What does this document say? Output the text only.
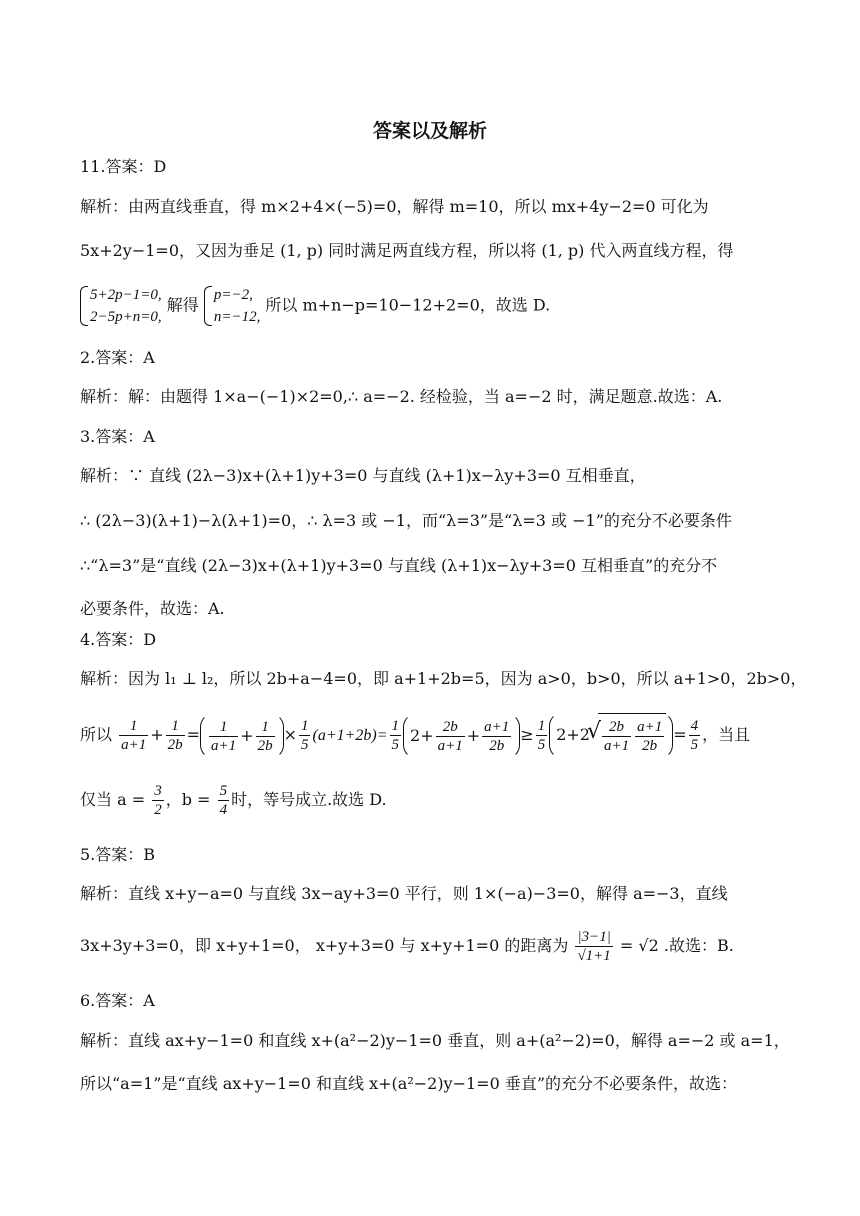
答案以及解析
11.答案：D
解析：由两直线垂直，得 m×2+4×(−5)=0，解得 m=10，所以 mx+4y−2=0 可化为
5x+2y−1=0，又因为垂足 (1, p) 同时满足两直线方程，所以将 (1, p) 代入两直线方程，得
5+2p−1=0,
2−5p+n=0,
解得
p=−2,
n=−12,
所以 m+n−p=10−12+2=0，故选 D.
2.答案：A
解析：解：由题得 1×a−(−1)×2=0,∴ a=−2. 经检验，当 a=−2 时，满足题意.故选：A.
3.答案：A
解析：∵ 直线 (2λ−3)x+(λ+1)y+3=0 与直线 (λ+1)x−λy+3=0 互相垂直，
∴ (2λ−3)(λ+1)−λ(λ+1)=0，∴ λ=3 或 −1，而“λ=3”是“λ=3 或 −1”的充分不必要条件
∴“λ=3”是“直线 (2λ−3)x+(λ+1)y+3=0 与直线 (λ+1)x−λy+3=0 互相垂直”的充分不
必要条件，故选：A.
4.答案：D
解析：因为 l₁ ⊥ l₂，所以 2b+a−4=0，即 a+1+2b=5，因为 a>0，b>0，所以 a+1>0，2b>0，
所以 $\frac{1}{a+1} + \frac{1}{2b} = \frac{1}{a+1} + \frac{1}{2b} \times \frac{1}{5} (a+1+2b)= \frac{1}{5} 2+ \frac{2b}{a+1} + \frac{a+1}{2b} \ge \frac{1}{5} 2+2$
√ $\frac{2b}{a+1} \frac{a+1}{2b} = \frac{4}{5}$ ，当且
仅当 $a = \frac{3}{2}$ ，$b = \frac{5}{4}$ 时，等号成立.故选 D.
5.答案：B
解析：直线 x+y−a=0 与直线 3x−ay+3=0 平行，则 1×(−a)−3=0，解得 a=−3，直线
3x+3y+3=0，即 x+y+1=0， x+y+3=0 与 x+y+1=0 的距离为 $\frac{|3-1|}{√1+1} = √2$ .故选：B.
6.答案：A
解析：直线 ax+y−1=0 和直线 x+(a²−2)y−1=0 垂直，则 a+(a²−2)=0，解得 a=−2 或 a=1，
所以“a=1”是“直线 ax+y−1=0 和直线 x+(a²−2)y−1=0 垂直”的充分不必要条件，故选：
